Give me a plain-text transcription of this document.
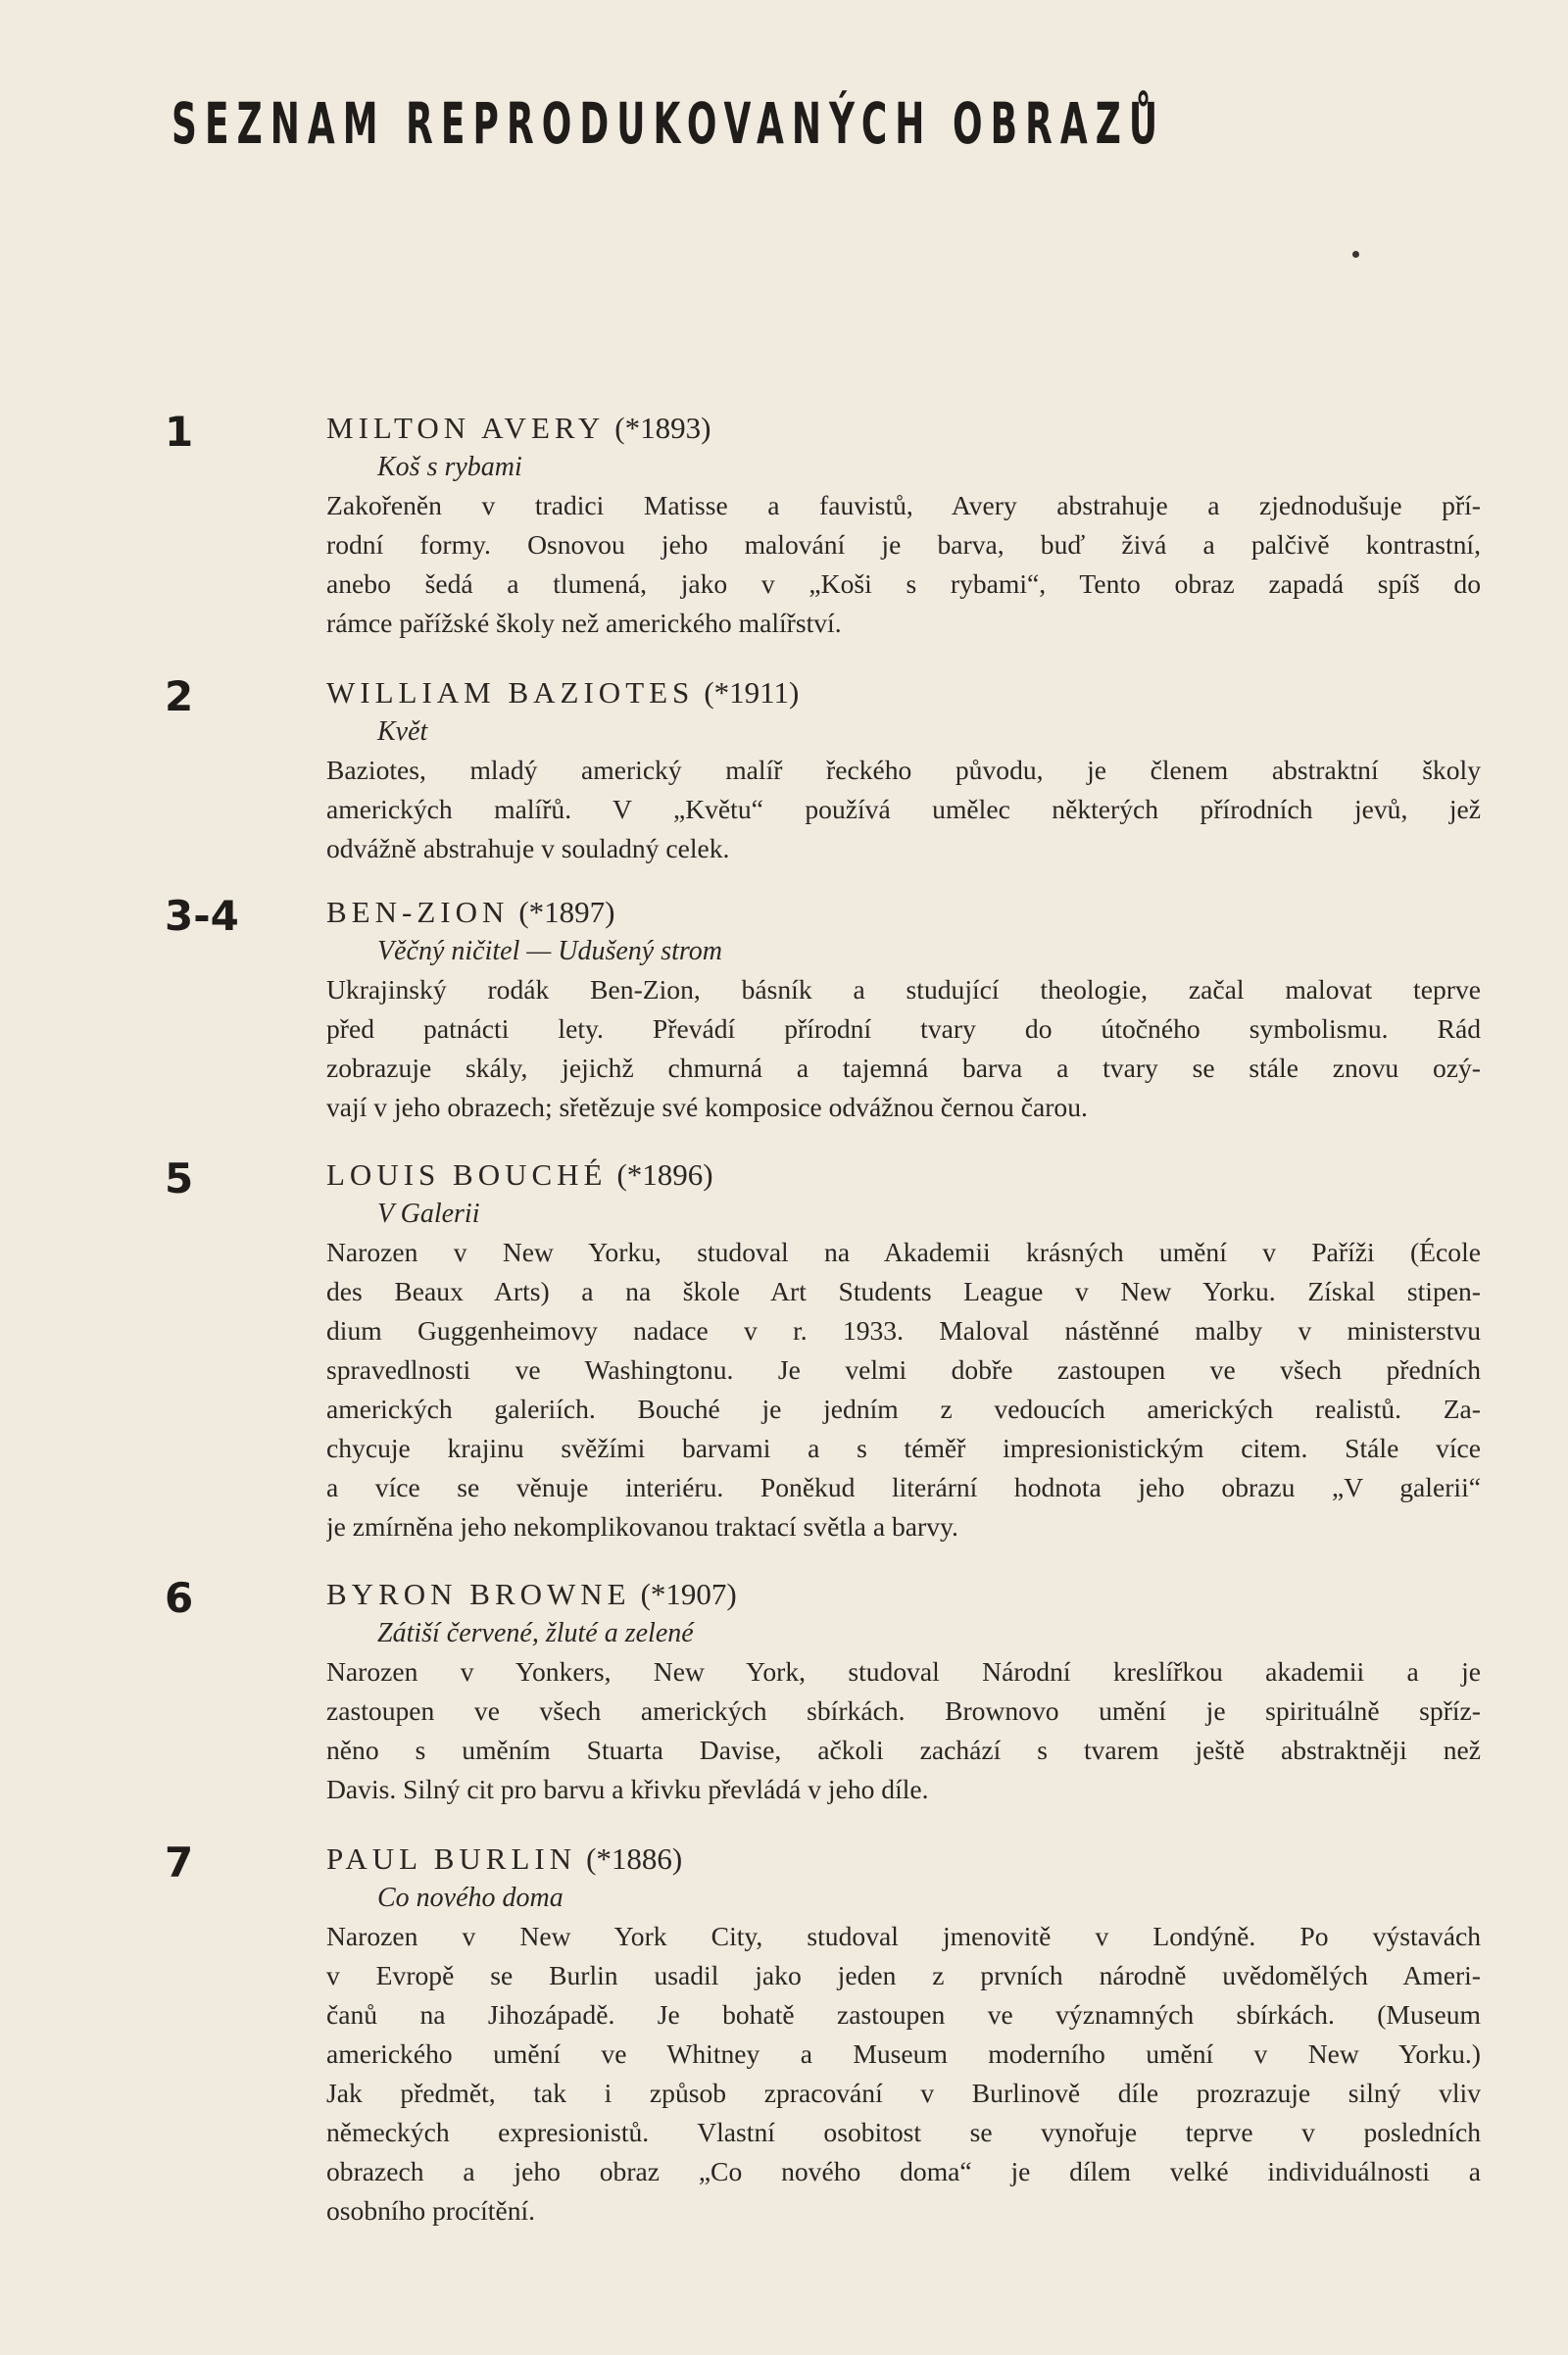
SEZNAM REPRODUKOVANÝCH OBRAZŮ
1	MILTON AVERY (*1893)
Koš s rybami
Zakořeněn v tradici Matisse a fauvistů, Avery abstrahuje a zjednodušuje pří-
rodní formy. Osnovou jeho malování je barva, buď živá a palčivě kontrastní,
anebo šedá a tlumená, jako v „Koši s rybami“, Tento obraz zapadá spíš do
rámce pařížské školy než amerického malířství.
2	WILLIAM BAZIOTES (*1911)
Květ
Baziotes, mladý americký malíř řeckého původu, je členem abstraktní školy
amerických malířů. V „Květu“ používá umělec některých přírodních jevů, jež
odvážně abstrahuje v souladný celek.
3-4	BEN-ZION (*1897)
Věčný ničitel — Udušený strom
Ukrajinský rodák Ben-Zion, básník a studující theologie, začal malovat teprve
před patnácti lety. Převádí přírodní tvary do útočného symbolismu. Rád
zobrazuje skály, jejichž chmurná a tajemná barva a tvary se stále znovu ozý-
vají v jeho obrazech; sřetězuje své komposice odvážnou černou čarou.
5	LOUIS BOUCHÉ (*1896)
V Galerii
Narozen v New Yorku, studoval na Akademii krásných umění v Paříži (École
des Beaux Arts) a na škole Art Students League v New Yorku. Získal stipen-
dium Guggenheimovy nadace v r. 1933. Maloval nástěnné malby v ministerstvu
spravedlnosti ve Washingtonu. Je velmi dobře zastoupen ve všech předních
amerických galeriích. Bouché je jedním z vedoucích amerických realistů. Za-
chycuje krajinu svěžími barvami a s téměř impresionistickým citem. Stále více
a více se věnuje interiéru. Poněkud literární hodnota jeho obrazu „V galerii“
je zmírněna jeho nekomplikovanou traktací světla a barvy.
6	BYRON BROWNE (*1907)
Zátiší červené, žluté a zelené
Narozen v Yonkers, New York, studoval Národní kreslířkou akademii a je
zastoupen ve všech amerických sbírkách. Brownovo umění je spirituálně spříz-
něno s uměním Stuarta Davise, ačkoli zachází s tvarem ještě abstraktněji než
Davis. Silný cit pro barvu a křivku převládá v jeho díle.
7	PAUL BURLIN (*1886)
Co nového doma
Narozen v New York City, studoval jmenovitě v Londýně. Po výstavách
v Evropě se Burlin usadil jako jeden z prvních národně uvědomělých Ameri-
čanů na Jihozápadě. Je bohatě zastoupen ve významných sbírkách. (Museum
amerického umění ve Whitney a Museum moderního umění v New Yorku.)
Jak předmět, tak i způsob zpracování v Burlinově díle prozrazuje silný vliv
německých expresionistů. Vlastní osobitost se vynořuje teprve v posledních
obrazech a jeho obraz „Co nového doma“ je dílem velké individuálnosti a
osobního procítění.
